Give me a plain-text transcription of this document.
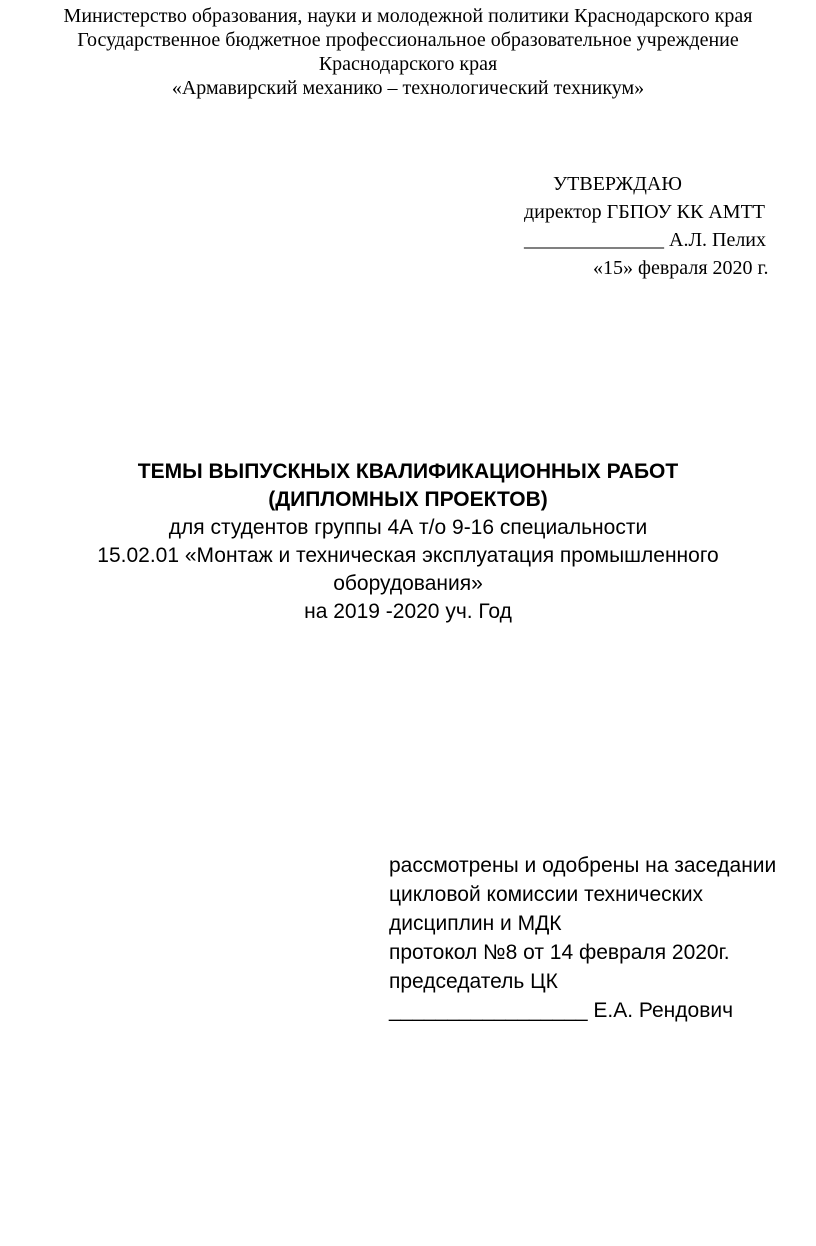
Министерство образования, науки и молодежной политики Краснодарского края
Государственное бюджетное профессиональное образовательное учреждение
Краснодарского края
«Армавирский механико – технологический техникум»
УТВЕРЖДАЮ
директор ГБПОУ КК АМТТ
______________ А.Л. Пелих
«15» февраля 2020 г.
ТЕМЫ ВЫПУСКНЫХ КВАЛИФИКАЦИОННЫХ РАБОТ
(ДИПЛОМНЫХ ПРОЕКТОВ)
для студентов группы 4А т/о 9-16 специальности
15.02.01 «Монтаж и техническая эксплуатация промышленного
оборудования»
на 2019 -2020 уч. Год
рассмотрены и одобрены на заседании
цикловой комиссии технических
дисциплин и МДК
протокол №8 от 14 февраля 2020г.
председатель ЦК
_________________ Е.А. Рендович
